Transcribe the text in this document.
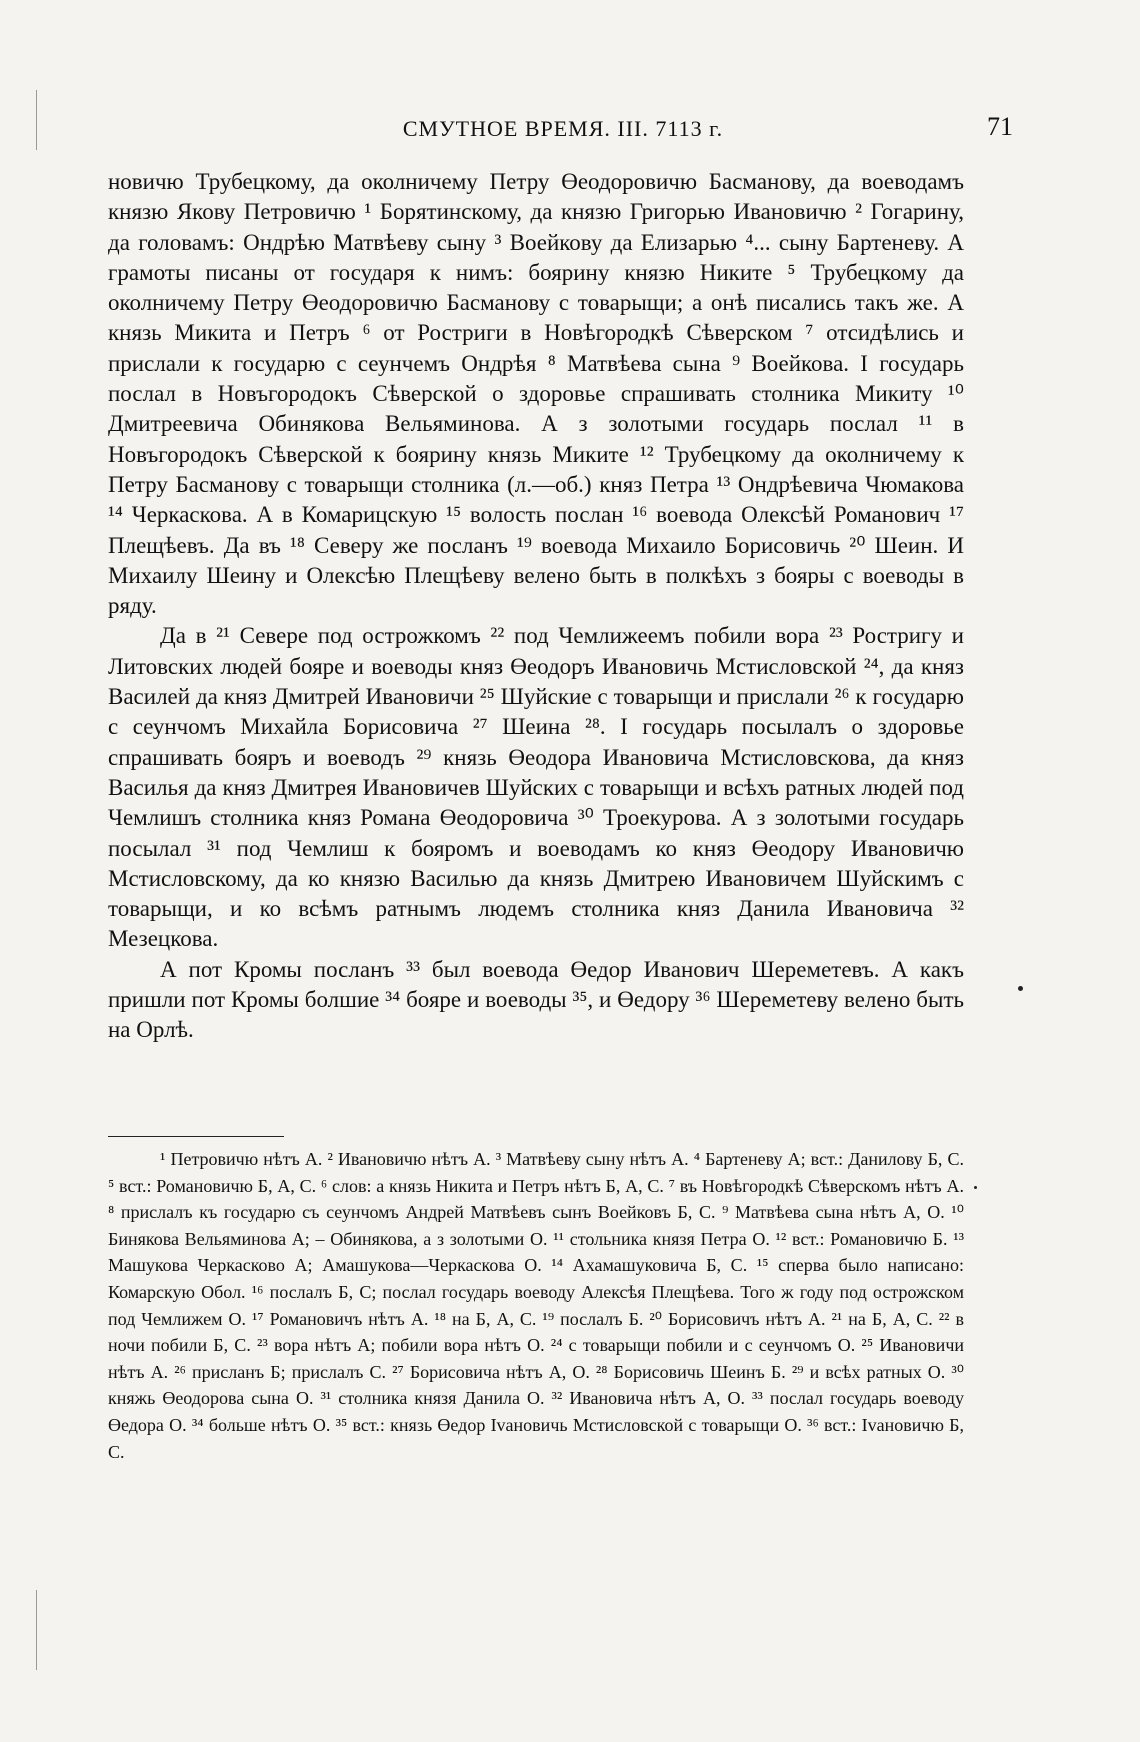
СМУТНОЕ ВРЕМЯ. III. 7113 г.	71

новичю Трубецкому, да околничему Петру Өеодоровичю Басманову, да воеводамъ князю Якову Петровичю ¹ Борятинскому, да князю Григорью Ивановичю ² Гогарину, да головамъ: Ондрѣю Матвѣеву сыну ³ Воейкову да Елизарью ⁴... сыну Бартеневу. А грамоты писаны от государя к нимъ: боярину князю Никите ⁵ Трубецкому да околничему Петру Өеодоровичю Басманову с товарыщи; а онѣ писались такъ же. А князь Микита и Петръ ⁶ от Ростриги в Новѣгородкѣ Сѣверском ⁷ отсидѣлись и прислали к государю с сеунчемъ Ондрѣя ⁸ Матвѣева сына ⁹ Воейкова. I государь послал в Новъгородокъ Сѣверской о здоровье спрашивать столника Микиту ¹⁰ Дмитреевича Обинякова Вельяминова. А з золотыми государь послал ¹¹ в Новъгородокъ Сѣверской к боярину князь Миките ¹² Трубецкому да околничему к Петру Басманову с товарыщи столника (л.—об.) княз Петра ¹³ Ондрѣевича Чюмакова ¹⁴ Черкаскова. А в Комарицскую ¹⁵ волость послан ¹⁶ воевода Олексѣй Романович ¹⁷ Плещѣевъ. Да въ ¹⁸ Северу же посланъ ¹⁹ воевода Михаило Борисовичь ²⁰ Шеин. И Михаилу Шеину и Олексѣю Плещѣеву велено быть в полкѣхъ з бояры с воеводы в ряду.

Да в ²¹ Севере под острожкомъ ²² под Чемлижеемъ побили вора ²³ Ростригу и Литовских людей бояре и воеводы княз Өеодоръ Ивановичь Мстисловской ²⁴, да княз Василей да княз Дмитрей Ивановичи ²⁵ Шуйские с товарыщи и прислали ²⁶ к государю с сеунчомъ Михайла Борисовича ²⁷ Шеина ²⁸. I государь посылалъ о здоровье спрашивать бояръ и воеводъ ²⁹ князь Өеодора Ивановича Мстисловскова, да княз Василья да княз Дмитрея Ивановичев Шуйских с товарыщи и всѣхъ ратных людей под Чемлишъ столника княз Романа Өеодоровича ³⁰ Троекурова. А з золотыми государь посылал ³¹ под Чемлиш к бояромъ и воеводамъ ко княз Өеодору Ивановичю Мстисловскому, да ко князю Василью да князь Дмитрею Ивановичем Шуйскимъ с товарыщи, и ко всѣмъ ратнымъ людемъ столника княз Данила Ивановича ³² Мезецкова.

А пот Кромы посланъ ³³ был воевода Өедор Иванович Шереметевъ. А какъ пришли пот Кромы болшие ³⁴ бояре и воеводы ³⁵, и Өедору ³⁶ Шереметеву велено быть на Орлѣ.

¹ Петровичю нѣтъ А. ² Ивановичю нѣтъ А. ³ Матвѣеву сыну нѣтъ А. ⁴ Бартеневу А; вст.: Данилову Б, С. ⁵ вст.: Романовичю Б, А, С. ⁶ слов: а князь Никита и Петръ нѣтъ Б, А, С. ⁷ въ Новѣгородкѣ Сѣверскомъ нѣтъ А. ⁸ прислалъ къ государю съ сеунчомъ Андрей Матвѣевъ сынъ Воейковъ Б, С. ⁹ Матвѣева сына нѣтъ А, О. ¹⁰ Бинякова Вельяминова А; – Обинякова, а з золотыми О. ¹¹ стольника князя Петра О. ¹² вст.: Романовичю Б. ¹³ Машукова Черкасково А; Амашукова—Черкаскова О. ¹⁴ Ахамашуковича Б, С. ¹⁵ сперва было написано: Комарскую Обол. ¹⁶ послалъ Б, С; послал государь воеводу Алексѣя Плещѣева. Того ж году под острожском под Чемлижем О. ¹⁷ Романовичъ нѣтъ А. ¹⁸ на Б, А, С. ¹⁹ послалъ Б. ²⁰ Борисовичъ нѣтъ А. ²¹ на Б, А, С. ²² в ночи побили Б, С. ²³ вора нѣтъ А; побили вора нѣтъ О. ²⁴ с товарыщи побили и с сеунчомъ О. ²⁵ Ивановичи нѣтъ А. ²⁶ присланъ Б; прислалъ С. ²⁷ Борисовича нѣтъ А, О. ²⁸ Борисовичь Шеинъ Б. ²⁹ и всѣх ратных О. ³⁰ княжь Өеодорова сына О. ³¹ столника князя Данила О. ³² Ивановича нѣтъ А, О. ³³ послал государь воеводу Өедора О. ³⁴ больше нѣтъ О. ³⁵ вст.: князь Өедор Іvановичь Мстисловской с товарыщи О. ³⁶ вст.: Іvановичю Б, С.
